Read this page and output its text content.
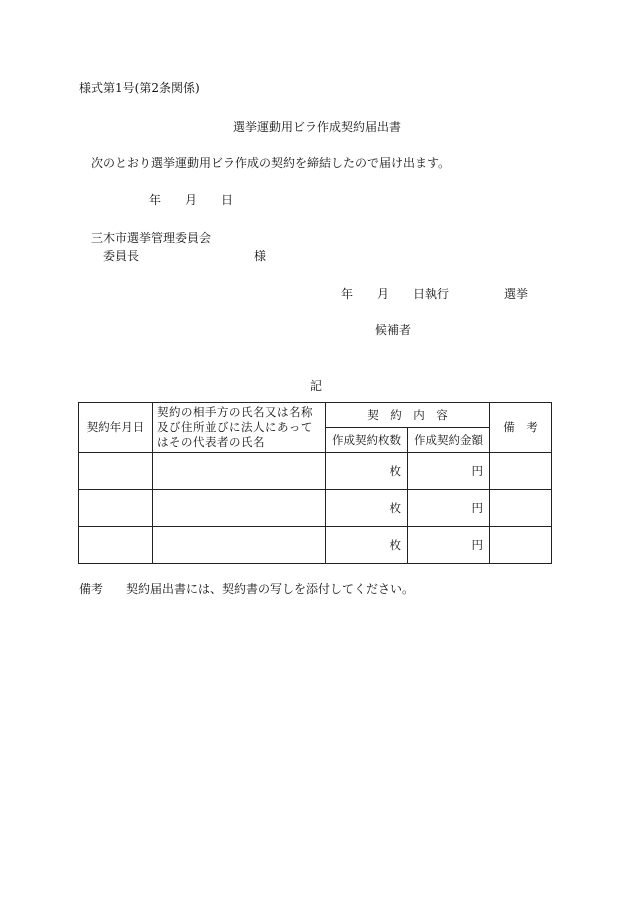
様式第1号(第2条関係)
選挙運動用ビラ作成契約届出書
次のとおり選挙運動用ビラ作成の契約を締結したので届け出ます。
年 月 日
三木市選挙管理委員会
委員長	様
年 月 日執行	選挙
候補者
記
契約年月日	契約の相手方の氏名又は名称及び住所並びに法人にあってはその代表者の氏名	契　約　内　容		備　考
		作成契約枚数	作成契約金額	
		枚	円	
		枚	円	
		枚	円	
備考 契約届出書には、契約書の写しを添付してください。
